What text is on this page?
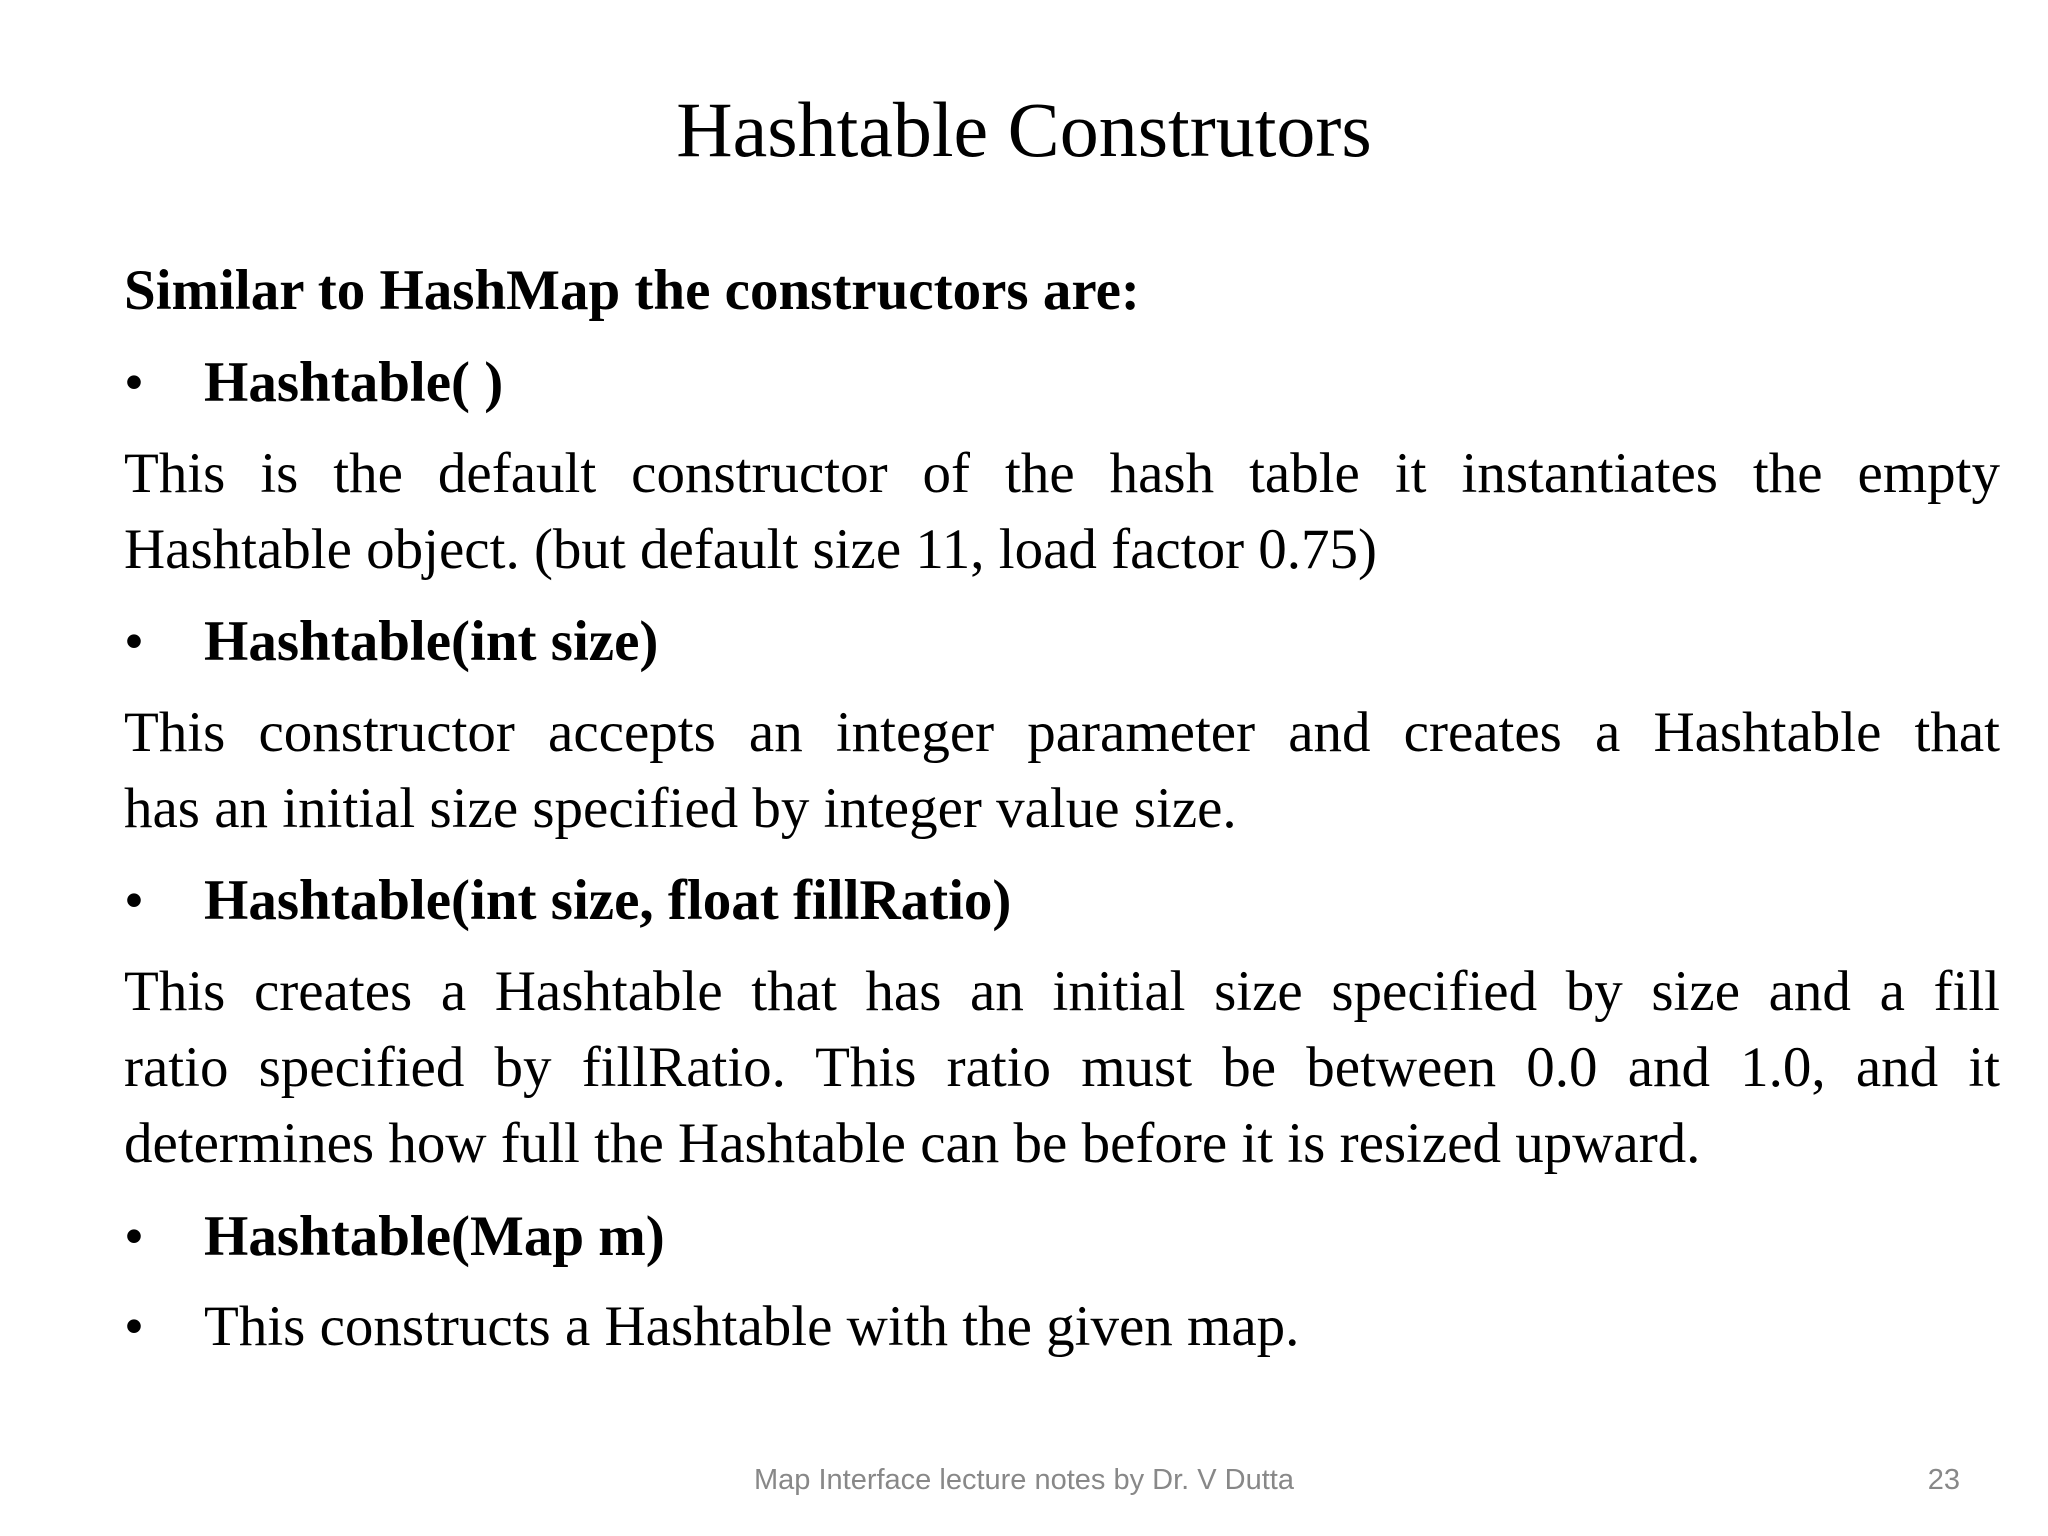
Hashtable Construtors
Similar to HashMap the constructors are:
•	Hashtable( )
This is the default constructor of the hash table it instantiates the empty
Hashtable object. (but default size 11, load factor 0.75)
•	Hashtable(int size)
This constructor accepts an integer parameter and creates a Hashtable that
has an initial size specified by integer value size.
•	Hashtable(int size, float fillRatio)
This creates a Hashtable that has an initial size specified by size and a fill
ratio specified by fillRatio. This ratio must be between 0.0 and 1.0, and it
determines how full the Hashtable can be before it is resized upward.
•	Hashtable(Map m)
•	This constructs a Hashtable with the given map.
Map Interface lecture notes by Dr. V Dutta	23
